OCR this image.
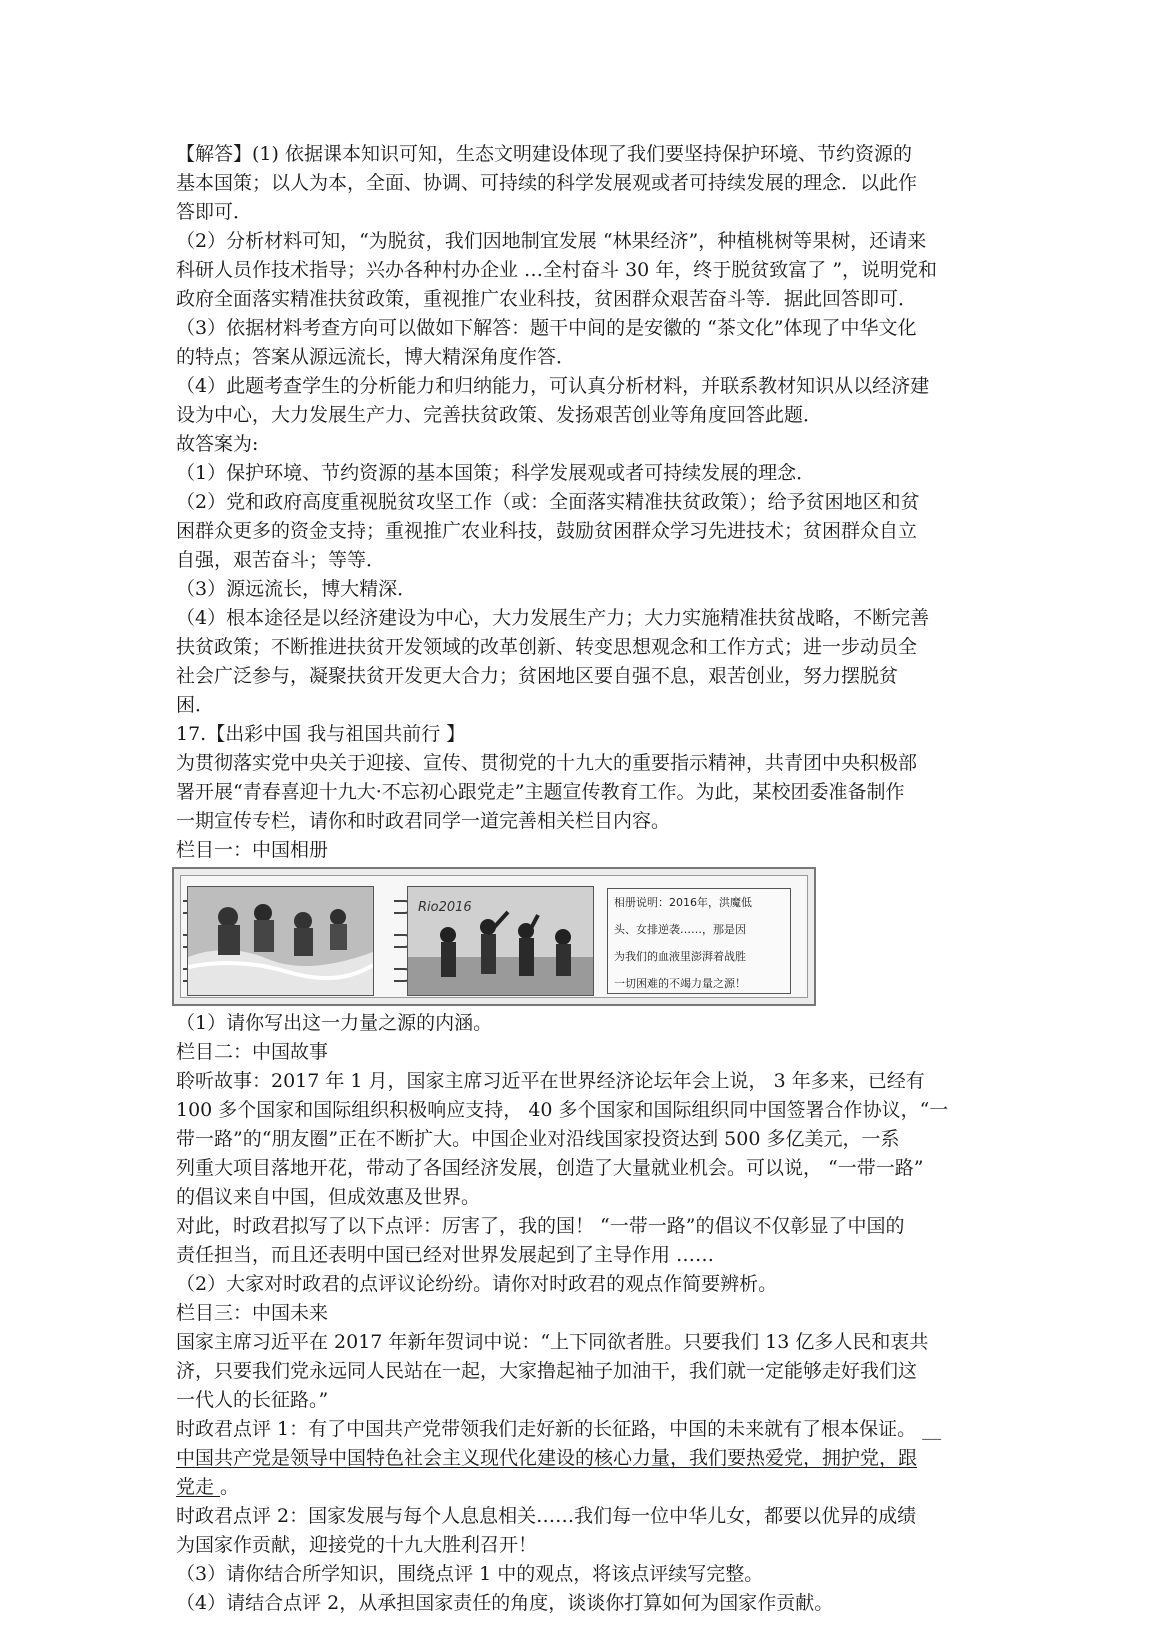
【解答】(1) 依据课本知识可知，生态文明建设体现了我们要坚持保护环境、节约资源的
基本国策；以人为本，全面、协调、可持续的科学发展观或者可持续发展的理念．以此作
答即可．
（2）分析材料可知，“为脱贫，我们因地制宜发展 “林果经济”，种植桃树等果树，还请来
科研人员作技术指导；兴办各种村办企业 …全村奋斗 30 年，终于脱贫致富了 ”，说明党和
政府全面落实精准扶贫政策，重视推广农业科技，贫困群众艰苦奋斗等．据此回答即可．
（3）依据材料考查方向可以做如下解答：题干中间的是安徽的 “茶文化”体现了中华文化
的特点；答案从源远流长，博大精深角度作答．
（4）此题考查学生的分析能力和归纳能力，可认真分析材料，并联系教材知识从以经济建
设为中心，大力发展生产力、完善扶贫政策、发扬艰苦创业等角度回答此题．
故答案为:
（1）保护环境、节约资源的基本国策；科学发展观或者可持续发展的理念．
（2）党和政府高度重视脱贫攻坚工作（或：全面落实精准扶贫政策）；给予贫困地区和贫
困群众更多的资金支持；重视推广农业科技，鼓励贫困群众学习先进技术；贫困群众自立
自强，艰苦奋斗；等等．
（3）源远流长，博大精深．
（4）根本途径是以经济建设为中心，大力发展生产力；大力实施精准扶贫战略，不断完善
扶贫政策；不断推进扶贫开发领域的改革创新、转变思想观念和工作方式；进一步动员全
社会广泛参与，凝聚扶贫开发更大合力；贫困地区要自强不息，艰苦创业，努力摆脱贫
困．
17.【出彩中国 我与祖国共前行 】
为贯彻落实党中央关于迎接、宣传、贯彻党的十九大的重要指示精神，共青团中央积极部
署开展“青春喜迎十九大·不忘初心跟党走”主题宣传教育工作。为此，某校团委准备制作
一期宣传专栏，请你和时政君同学一道完善相关栏目内容。
栏目一：中国相册
Rio2016	相册说明：2016年，洪魔低
头、女排逆袭……，那是因
为我们的血液里澎湃着战胜
一切困难的不竭力量之源！
（1）请你写出这一力量之源的内涵。
栏目二：中国故事
聆听故事：2017 年 1 月，国家主席习近平在世界经济论坛年会上说， 3 年多来，已经有
100 多个国家和国际组织积极响应支持， 40 多个国家和国际组织同中国签署合作协议，“一
带一路”的“朋友圈”正在不断扩大。中国企业对沿线国家投资达到 500 多亿美元，一系
列重大项目落地开花，带动了各国经济发展，创造了大量就业机会。可以说， “一带一路”
的倡议来自中国，但成效惠及世界。
对此，时政君拟写了以下点评：厉害了，我的国！ “一带一路”的倡议不仅彰显了中国的
责任担当，而且还表明中国已经对世界发展起到了主导作用 ……
（2）大家对时政君的点评议论纷纷。请你对时政君的观点作简要辨析。
栏目三：中国未来
国家主席习近平在 2017 年新年贺词中说：“上下同欲者胜。只要我们 13 亿多人民和衷共
济，只要我们党永远同人民站在一起，大家撸起袖子加油干，我们就一定能够走好我们这
一代人的长征路。”
时政君点评 1：有了中国共产党带领我们走好新的长征路，中国的未来就有了根本保证。 __
中国共产党是领导中国特色社会主义现代化建设的核心力量，我们要热爱党，拥护党，跟
党走 。
时政君点评 2：国家发展与每个人息息相关……我们每一位中华儿女，都要以优异的成绩
为国家作贡献，迎接党的十九大胜利召开！
（3）请你结合所学知识，围绕点评 1 中的观点，将该点评续写完整。
（4）请结合点评 2，从承担国家责任的角度，谈谈你打算如何为国家作贡献。
